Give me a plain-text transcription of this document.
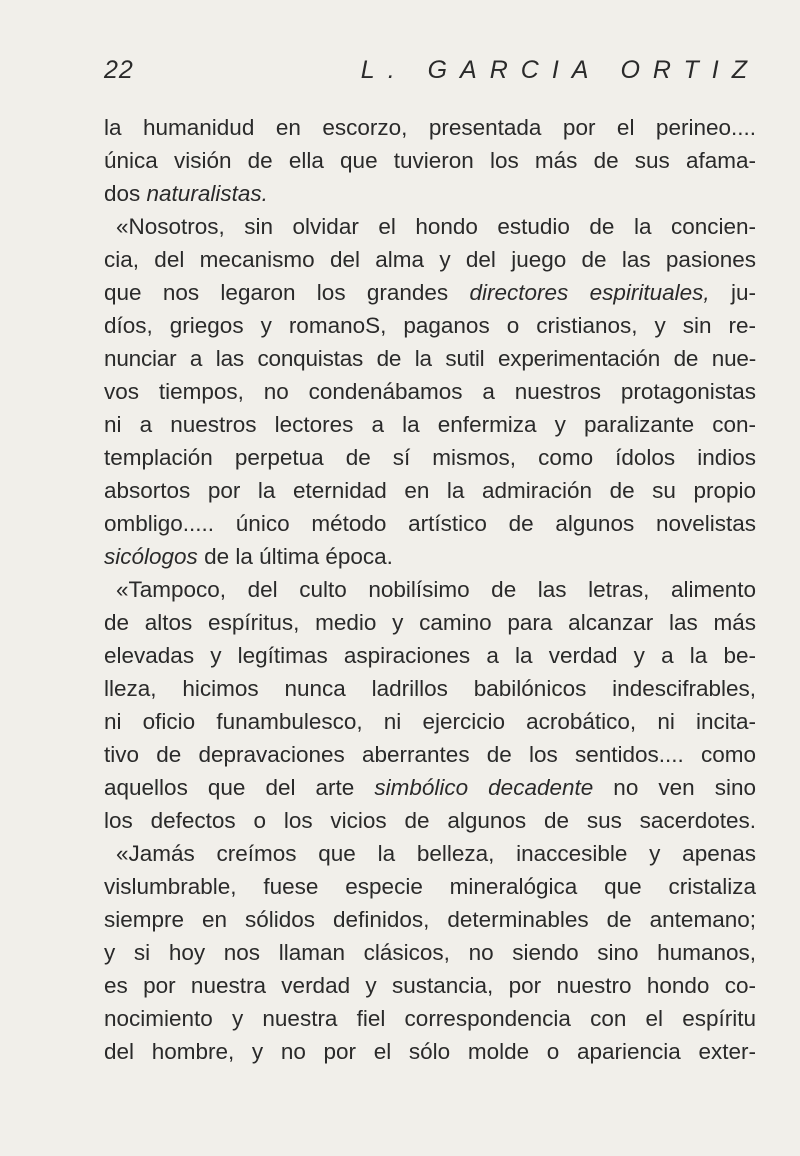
22	L. GARCIA ORTIZ
la humanidud en escorzo, presentada por el perineo....
única visión de ella que tuvieron los más de sus afama-
dos naturalistas.
«Nosotros, sin olvidar el hondo estudio de la concien-
cia, del mecanismo del alma y del juego de las pasiones
que nos legaron los grandes directores espirituales, ju-
díos, griegos y romanoS, paganos o cristianos, y sin re-
nunciar a las conquistas de la sutil experimentación de nue-
vos tiempos, no condenábamos a nuestros protagonistas
ni a nuestros lectores a la enfermiza y paralizante con-
templación perpetua de sí mismos, como ídolos indios
absortos por la eternidad en la admiración de su propio
ombligo..... único método artístico de algunos novelistas
sicólogos de la última época.
«Tampoco, del culto nobilísimo de las letras, alimento
de altos espíritus, medio y camino para alcanzar las más
elevadas y legítimas aspiraciones a la verdad y a la be-
lleza, hicimos nunca ladrillos babilónicos indescifrables,
ni oficio funambulesco, ni ejercicio acrobático, ni incita-
tivo de depravaciones aberrantes de los sentidos.... como
aquellos que del arte simbólico decadente no ven sino
los defectos o los vicios de algunos de sus sacerdotes.
«Jamás creímos que la belleza, inaccesible y apenas
vislumbrable, fuese especie mineralógica que cristaliza
siempre en sólidos definidos, determinables de antemano;
y si hoy nos llaman clásicos, no siendo sino humanos,
es por nuestra verdad y sustancia, por nuestro hondo co-
nocimiento y nuestra fiel correspondencia con el espíritu
del hombre, y no por el sólo molde o apariencia exter-
